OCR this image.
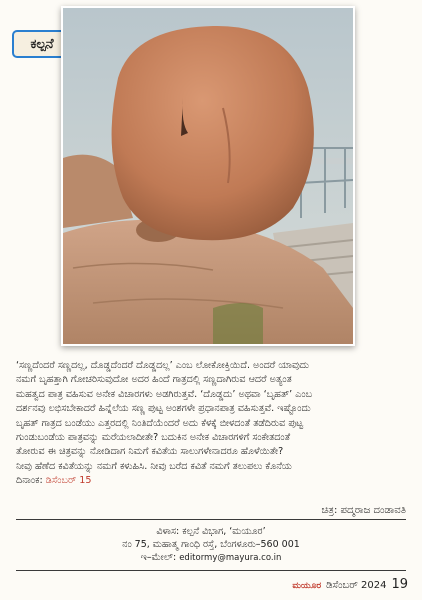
ಕಲ್ಪನೆ
‘ಸಣ್ಣದೆಂದರೆ ಸಣ್ಣದಲ್ಲ, ದೊಡ್ಡದೆಂದರೆ ದೊಡ್ಡದಲ್ಲ’ ಎಂಬ ಲೋಕೋಕ್ತಿಯಿದೆ. ಅಂದರೆ ಯಾವುದು
ನಮಗೆ ಬೃಹತ್ತಾಗಿ ಗೋಚರಿಸುವುದೋ ಅದರ ಹಿಂದೆ ಗಾತ್ರದಲ್ಲಿ ಸಣ್ಣದಾಗಿರುವ ಆದರೆ ಅತ್ಯಂತ
ಮಹತ್ವದ ಪಾತ್ರ ವಹಿಸುವ ಅನೇಕ ವಿಚಾರಗಳು ಅಡಗಿರುತ್ತವೆ. ‘ದೊಡ್ಡದು’ ಅಥವಾ ‘ಬೃಹತ್’ ಎಂಬ
ದರ್ಶನವು ಲಭಿಸಬೇಕಾದರೆ ಹಿನ್ನೆಲೆಯ ಸಣ್ಣ ಪುಟ್ಟ ಅಂಶಗಳೇ ಪ್ರಧಾನಪಾತ್ರ ವಹಿಸುತ್ತವೆ. ಇಷ್ಟೊಂದು
ಬೃಹತ್ ಗಾತ್ರದ ಬಂಡೆಯು ಎತ್ತರದಲ್ಲಿ ನಿಂತಿದೆಯೆಂದರೆ ಅದು ಕೆಳಕ್ಕೆ ಬೀಳದಂತೆ ತಡೆದಿರುವ ಪುಟ್ಟ
ಗುಂಡುಬಂಡೆಯ ಪಾತ್ರವನ್ನು ಮರೆಯಲಾದೀತೇ? ಬದುಕಿನ ಅನೇಕ ವಿಚಾರಗಳಿಗೆ ಸಂಕೇತದಂತೆ
ತೋರುವ ಈ ಚಿತ್ರವನ್ನು ನೋಡಿದಾಗ ನಿಮಗೆ ಕವಿತೆಯ ಸಾಲುಗಳೇನಾದರೂ ಹೊಳೆಯಿತೇ?
ನೀವು ಹೆಣೆದ ಕವಿತೆಯನ್ನು ನಮಗೆ ಕಳುಹಿಸಿ. ನೀವು ಬರೆದ ಕವಿತೆ ನಮಗೆ ತಲುಪಲು ಕೊನೆಯ
ದಿನಾಂಕ: ಡಿಸೆಂಬರ್ 15
ಚಿತ್ರ: ಪದ್ಮರಾಜ ದಂಡಾವತಿ
ವಿಳಾಸ: ಕಲ್ಪನೆ ವಿಭಾಗ, ‘ಮಯೂರ’
ನಂ 75, ಮಹಾತ್ಮ ಗಾಂಧಿ ರಸ್ತೆ, ಬೆಂಗಳೂರು–560 001
ಇ–ಮೇಲ್: editormy@mayura.co.in
ಮಯೂರ ಡಿಸೆಂಬರ್ 2024 19
